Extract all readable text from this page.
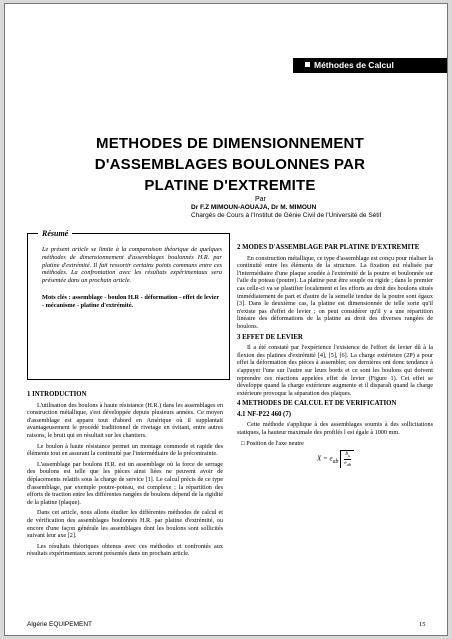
Méthodes de Calcul
METHODES DE DIMENSIONNEMENT D'ASSEMBLAGES BOULONNES PAR PLATINE D'EXTREMITE
Par
Dr F.Z MIMOUN-AOUAJA, Dr M. MIMOUN
Chargés de Cours à l'Institut de Génie Civil de l'Université de Sétif
Résumé
Le présent article se limite à la comparaison théorique de quelques méthodes de dimensionnement d'assemblages boulonnés H.R. par platine d'extrémité. Il fait ressortir certains points communs entre ces méthodes. La confrontation avec les résultats expérimentaux sera présentée dans un prochain article.
Mots clés : assemblage - boulon H.R - déformation - effet de levier - mécanisme - platine d'extrémité.
1 INTRODUCTION

L'utilisation des boulons à haute résistance (H.R.) dans les assemblages en construction métallique, s'est développée depuis plusieurs années. Ce moyen d'assemblage est apparu tout d'abord en Amérique où il supplantait avantageusement le procédé traditionnel de rivetage en évitant, entre autres raisons, le bruit qui en résultait sur les chantiers.

Le boulon à haute résistance permet un montage commode et rapide des éléments tout en assurant la continuité par l'intermédiaire de la précontrainte.

L'assemblage par boulons H.R. est un assemblage où la force de serrage des boulons est telle que les pièces ainsi liées ne peuvent avoir de déplacements relatifs sous la charge de service [1]. Le calcul précis de ce type d'assemblage, par exemple poutre-poteau, est complexe ; la répartition des efforts de traction entre les différentes rangées de boulons dépend de la rigidité de la platine (plaque).

Dans cet article, nous allons étudier les différentes méthodes de calcul et de vérification des assemblages boulonnés H.R. par platine d'extrémité, ou encore d'une façon générale les assemblages dont les boulons sont sollicités suivant leur axe [2].

Les résultats théoriques obtenus avec ces méthodes et confrontés aux résultats expérimentaux seront présentés dans un prochain article.

2 MODES D'ASSEMBLAGE PAR PLATINE D'EXTREMITE

En construction métallique, ce type d'assemblage est conçu pour réaliser la continuité entre les éléments de la structure. La fixation est réalisée par l'intermédiaire d'une plaque soudée à l'extrémité de la poutre et boulonnée sur l'aile du poteau (poutre). La platine peut être souple ou rigide ; dans le premier cas celle-ci va se plastifier localement et les efforts au droit des boulons situés immédiatement de part et d'autre de la semelle tendue de la poutre sont égaux [3]. Dans le deuxième cas, la platine est dimensionnée de telle sorte qu'il n'existe pas d'effet de levier ; on peut considérer qu'il y a une répartition linéaire des déformations de la platine au droit des diverses rangées de boulons.

3 EFFET DE LEVIER

Il a été constaté par l'expérience l'existence de l'effort de levier dû à la flexion des platines d'extrémité [4], [5], [6]. La charge extérieure (2P) a pour effet la déformation des pièces à assembler, ces dernières ont donc tendance à s'appuyer l'une sur l'autre sur leurs bords et ce sont les boulons qui doivent reprendre ces réactions appelées effet de levier (Figure 1). Cet effet se développe quand la charge extérieure augmente et il disparaît quand la charge extérieure provoque la séparation des plaques.

4 METHODES DE CALCUL ET DE VERIFICATION
4.1 NF-P22 460 (7)

Cette méthode s'applique à des assemblages soumis à des sollicitations statiques, la hauteur maximale des profilés l est égale à 1000 mm.

□ Position de l'axe neutre

$X = e_{ab} \frac{b_s}{e_{ab}}$
Algérie EQUIPEMENT	15
